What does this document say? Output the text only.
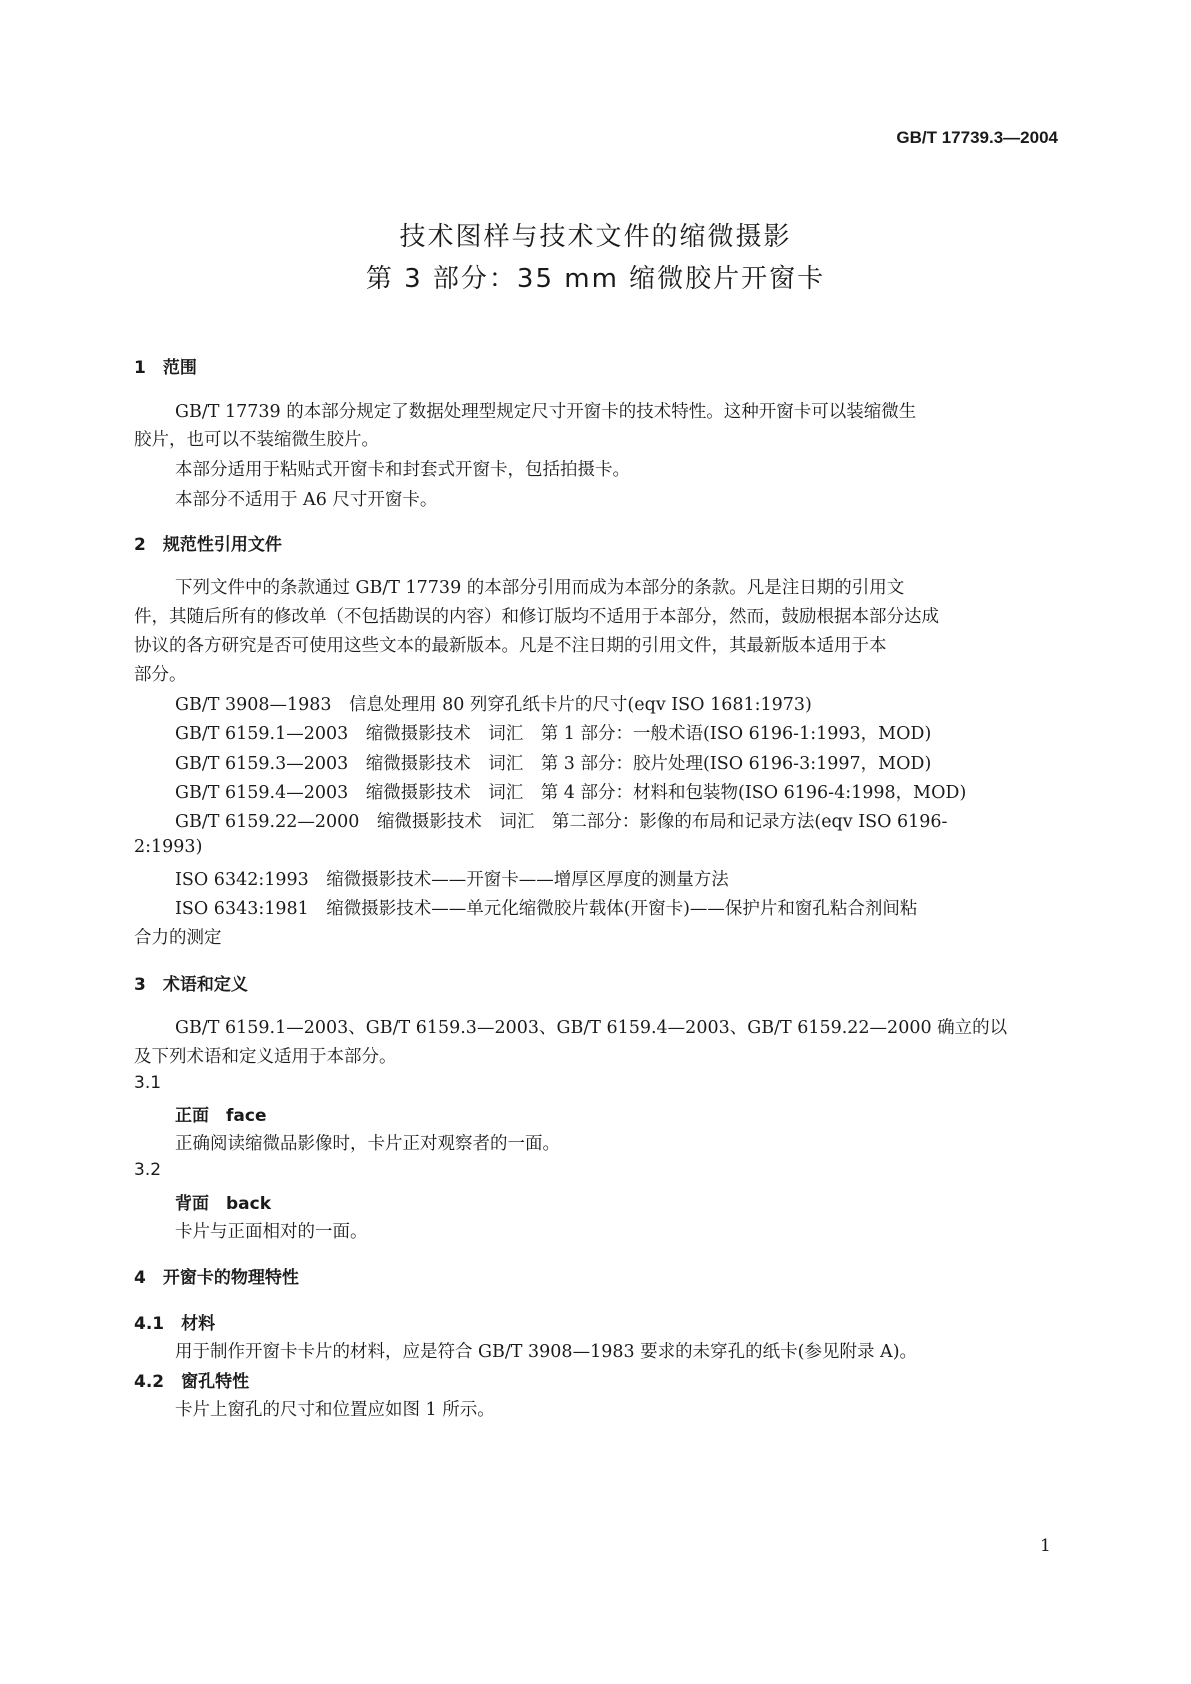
GB/T 17739.3—2004
技术图样与技术文件的缩微摄影
第 3 部分：35 mm 缩微胶片开窗卡
1　范围
GB/T 17739 的本部分规定了数据处理型规定尺寸开窗卡的技术特性。这种开窗卡可以装缩微生
胶片，也可以不装缩微生胶片。
本部分适用于粘贴式开窗卡和封套式开窗卡，包括拍摄卡。
本部分不适用于 A6 尺寸开窗卡。
2　规范性引用文件
下列文件中的条款通过 GB/T 17739 的本部分引用而成为本部分的条款。凡是注日期的引用文
件，其随后所有的修改单（不包括勘误的内容）和修订版均不适用于本部分，然而，鼓励根据本部分达成
协议的各方研究是否可使用这些文本的最新版本。凡是不注日期的引用文件，其最新版本适用于本
部分。
GB/T 3908—1983　信息处理用 80 列穿孔纸卡片的尺寸(eqv ISO 1681:1973)
GB/T 6159.1—2003　缩微摄影技术　词汇　第 1 部分：一般术语(ISO 6196-1:1993，MOD)
GB/T 6159.3—2003　缩微摄影技术　词汇　第 3 部分：胶片处理(ISO 6196-3:1997，MOD)
GB/T 6159.4—2003　缩微摄影技术　词汇　第 4 部分：材料和包装物(ISO 6196-4:1998，MOD)
GB/T 6159.22—2000　缩微摄影技术　词汇　第二部分：影像的布局和记录方法(eqv ISO 6196-
2:1993)
ISO 6342:1993　缩微摄影技术——开窗卡——增厚区厚度的测量方法
ISO 6343:1981　缩微摄影技术——单元化缩微胶片载体(开窗卡)——保护片和窗孔粘合剂间粘
合力的测定
3　术语和定义
GB/T 6159.1—2003、GB/T 6159.3—2003、GB/T 6159.4—2003、GB/T 6159.22—2000 确立的以
及下列术语和定义适用于本部分。
3.1
正面　face
正确阅读缩微品影像时，卡片正对观察者的一面。
3.2
背面　back
卡片与正面相对的一面。
4　开窗卡的物理特性
4.1　材料
用于制作开窗卡卡片的材料，应是符合 GB/T 3908—1983 要求的未穿孔的纸卡(参见附录 A)。
4.2　窗孔特性
卡片上窗孔的尺寸和位置应如图 1 所示。
1
